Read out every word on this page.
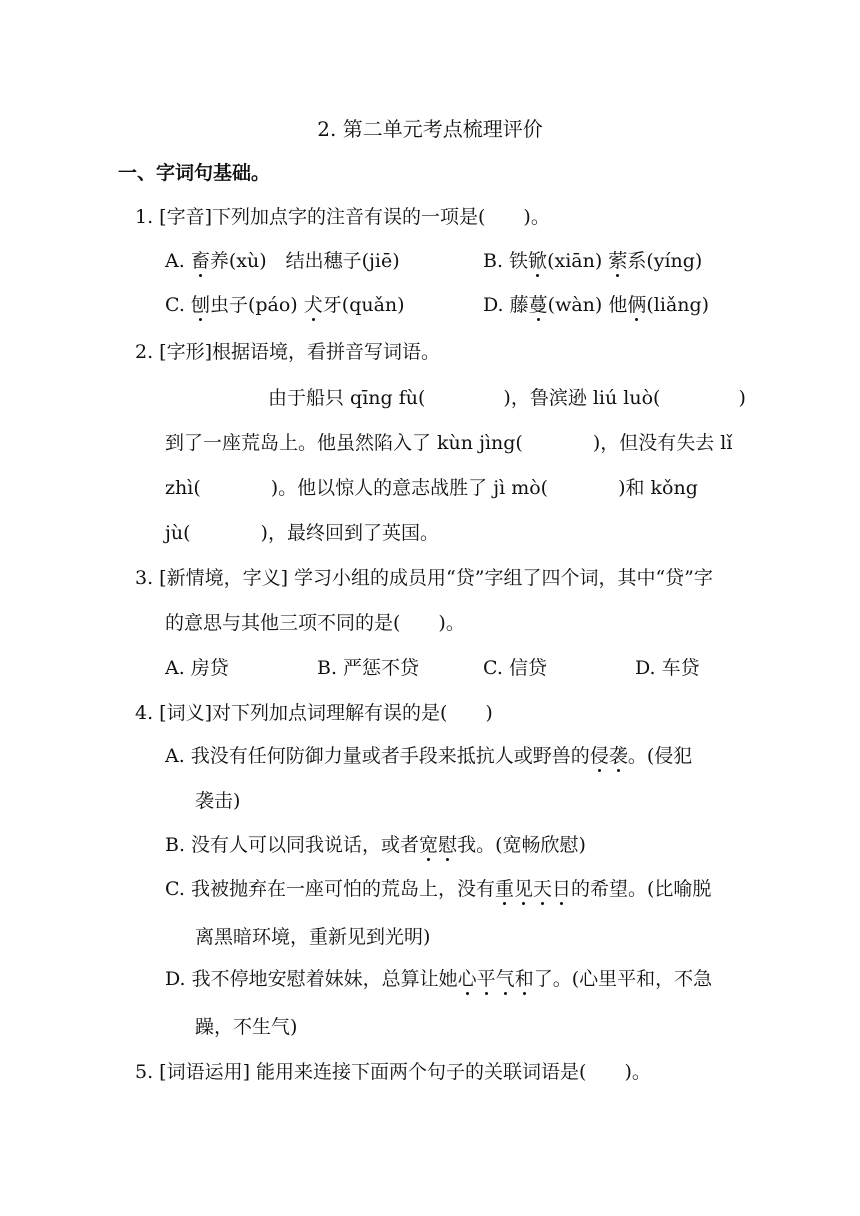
2. 第二单元考点梳理评价
一、字词句基础。
1. [字音]下列加点字的注音有误的一项是(　　)。
A. 畜养(xù)　结出穗子(jiē)	B. 铁锨(xiān) 萦系(yíng)
C. 刨虫子(páo) 犬牙(quǎn)	D. 藤蔓(wàn) 他俩(liǎng)
2. [字形]根据语境，看拼音写词语。
由于船只 qīng fù(	)，鲁滨逊 liú luò(	)
到了一座荒岛上。他虽然陷入了 kùn jìng(	)，但没有失去 lǐ
zhì(	)。他以惊人的意志战胜了 jì mò(	)和 kǒng
jù(	)，最终回到了英国。
3. [新情境，字义] 学习小组的成员用“贷”字组了四个词，其中“贷”字
的意思与其他三项不同的是(　　)。
A. 房贷	B. 严惩不贷	C. 信贷	D. 车贷
4. [词义]对下列加点词理解有误的是(　　)
A. 我没有任何防御力量或者手段来抵抗人或野兽的侵袭。(侵犯
袭击)
B. 没有人可以同我说话，或者宽慰我。(宽畅欣慰)
C. 我被抛弃在一座可怕的荒岛上，没有重见天日的希望。(比喻脱
离黑暗环境，重新见到光明)
D. 我不停地安慰着妹妹，总算让她心平气和了。(心里平和，不急
躁，不生气)
5. [词语运用] 能用来连接下面两个句子的关联词语是(　　)。
